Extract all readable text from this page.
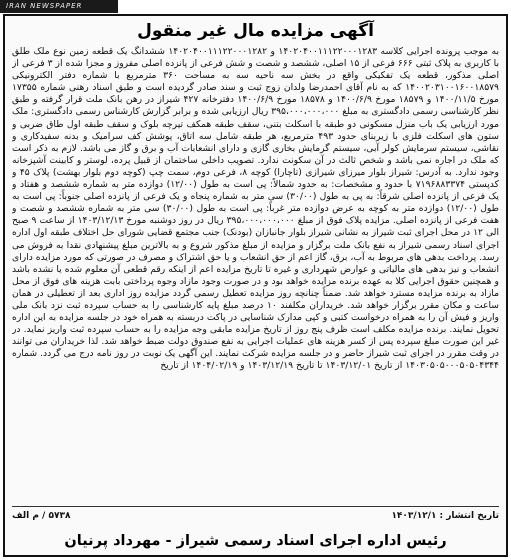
IRAN NEWSPAPER
آگهی مزایده مال غیر منقول
به موجب پرونده اجرایی کلاسه ۱۴۰۲۰۴۰۰۱۱۱۲۲۰۰۰۱۲۸۳ و ۱۴۰۲۰۴۰۰۱۱۱۲۲۰۰۰۱۲۸۲ ششدانگ یک قطعه زمین نوع ملک طلق با کاربری به پلاک ثبتی ۶۶۶ فرعی از ۱۵ اصلی، ششصد و شصت و شش فرعی از پانزده اصلی مفروز و مجزا شده از ۳ فرعی از اصلی مذکور، قطعه یک تفکیکی واقع در بخش سه ناحیه سه به مساحت ۳۶۰ مترمربع با شماره دفتر الکترونیکی ۱۴۰۰۲۰۳۱۰۰۱۶۰۰۱۸۵۷۹ که به نام آقای احمدرضا ولدان زوج ثبت و سند صادر گردیده است و طبق اسناد رهنی شماره ۱۷۳۵۵ مورخ ۱۴۰۰/۱۱/۵ و ۱۸۵۷۹ مورخ ۱۴۰۰/۶/۹ و ۱۸۵۷۸ مورخ ۱۴۰۰/۶/۹ دفترخانه ۴۲۷ شیراز در رهن بانک ملت قرار گرفته و طبق نظر کارشناسی رسمی دادگستری به مبلغ ۳۹۵،۰۰۰،۰۰۰،۰۰۰ ریال ارزیابی شده و برابر گزارش کارشناس رسمی دادگستری: ملک مورد ارزیابی یک باب منزل مسکونی دو طبقه با اسکلت بتنی، سقف طبقه همکف تیرچه بلوک و سقف طبقه اول طاق ضربی و ستون های اسکلت فلزی با زیربنای حدود ۴۹۳ مترمربع، هر طبقه شامل سه اتاق، پوشش کف سرامیک و بدنه سفیدکاری و نقاشی، سیستم سرمایش کولر آبی، سیستم گرمایش بخاری گازی و دارای انشعابات آب و برق و گاز می باشد. لازم به ذکر است که ملک در اجاره نمی باشد و شخص ثالث در آن سکونت ندارد. تصویب داخلی ساختمان از قبیل پرده، لوستر و کابینت آشپزخانه وجود ندارد. به آدرس: شیراز بلوار میرزای شیرازی (تاچارا) کوچه ۸، فرعی دوم، سمت چپ (کوچه دوم بلوار بهشت) پلاک ۴۵ و کدپستی ۷۱۹۶۸۸۳۳۷۴ با حدود و مشخصات: به حدود شمالاً: پی است به طول (۱۲/۰۰) دوازده متر به شماره ششصد و هفتاد و یک فرعی از پانزده اصلی شرقاً: به پی به طول (۳۰/۰۰) سی متر به شماره پنجاه و یک فرعی از پانزده اصلی جنوباً: پی است به طول (۱۲/۰۰) دوازده متر به کوچه به عرض دوازده متر غرباً: پی است به طول (۳۰/۰۰) سی متر به شماره ششصد و شصت و هفت فرعی از پانزده اصلی. مزایده پلاک فوق از مبلغ ۳۹۵،۰۰۰،۰۰۰،۰۰۰ ریال در روز دوشنبه مورخ ۱۴۰۳/۱۲/۱۳ از ساعت ۹ صبح الی ۱۲ در محل اجرای ثبت شیراز به نشانی شیراز بلوار جانبازان (بودنک) جنب مجتمع قضایی شورای حل اختلاف طبقه اول اداره اجرای اسناد رسمی شیراز به نفع بانک ملت برگزار و مزایده از مبلغ مذکور شروع و به بالاترین مبلغ پیشنهادی نقدا به فروش می رسد. پرداخت بدهی های مربوط به آب، برق، گاز اعم از حق انشعاب و یا حق اشتراک و مصرف در صورتی که مورد مزایده دارای انشعاب و نیز بدهی های مالیاتی و عوارض شهرداری و غیره تا تاریخ مزایده اعم از اینکه رقم قطعی آن معلوم شده یا نشده باشد و همچنین حقوق اجرایی کلا به عهده برنده مزایده خواهد بود و در صورت وجود مازاد وجوه پرداختی بابت هزینه های فوق از محل مازاد به برنده مزایده مسترد خواهد شد. ضمناً چنانچه روز مزایده تعطیل رسمی گردد مزایده روز اداری بعد از تعطیلی در همان ساعت و مکان مقرر برگزار خواهد شد. خریداران مکلفند ۱۰ درصد مبلغ پایه کارشناسی را به حساب سپرده ثبت نزد بانک ملی واریز و فیش آن را به همراه درخواست کتبی و کپی مدارک شناسایی در پاکت دربسته به همراه خود در جلسه مزایده به این اداره تحویل نمایند. برنده مزایده مکلف است ظرف پنج روز از تاریخ مزایده مابقی وجه مزایده را به حساب سپرده ثبت واریز نماید. در غیر این صورت مبلغ سپرده پس از کسر هزینه های عملیات اجرایی به نفع صندوق دولت ضبط خواهد شد. لذا خریداران می توانند در وقت مقرر در اجرای ثبت شیراز حاضر و در جلسه مزایده شرکت نمایند. این آگهی یک نوبت در روز نامه درج می گردد. شماره ۱۴۰۳۰۵۰۵۰۰۰۵۰۵۰۴۳۴۴ از تاریخ ۱۴۰۳/۱۲/۰۱ تا تاریخ ۱۴۰۳/۱۲/۱۹ و ۱۴۰۴/۰۲/۱۹ از تاریخ
تاریخ انتشار :
۱۴۰۳/۱۲/۱
۵۷۳۸ / م الف
رئیس اداره اجرای اسناد رسمی شیراز - مهرداد پرنیان
